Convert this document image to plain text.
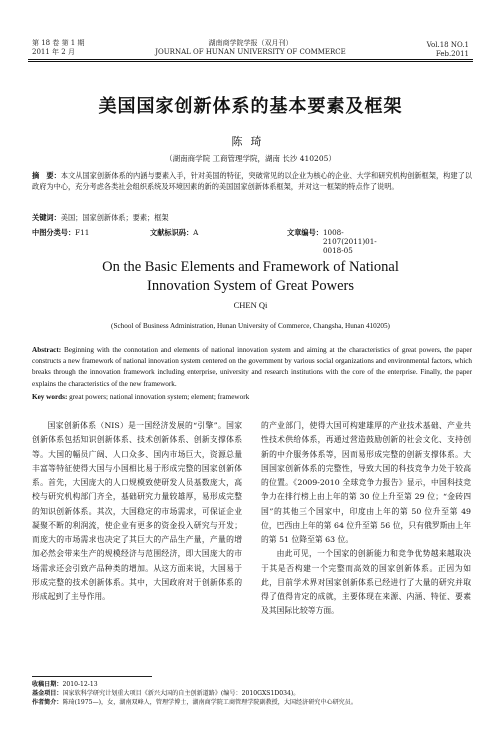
第 18 卷 第 1 期
2011 年 2 月
湖南商学院学报（双月刊）
JOURNAL OF HUNAN UNIVERSITY OF COMMERCE
Vol.18 NO.1
Feb.2011
美国国家创新体系的基本要素及框架
陈琦
（湖南商学院 工商管理学院，湖南 长沙 410205）
摘　要：本文从国家创新体系的内涵与要素入手，针对美国的特征，突破常见的以企业为核心的企业、大学和研究机构创新框架，构建了以政府为中心，充分考虑各类社会组织系统及环境因素的新的美国国家创新体系框架，并对这一框架的特点作了说明。
关键词：美国；国家创新体系；要素；框架
中图分类号： F11	文献标识码： A	文章编号： 1008-2107(2011)01-0018-05
On the Basic Elements and Framework of National
Innovation System of Great Powers
CHEN Qi
(School of Business Administration, Hunan University of Commerce, Changsha, Hunan 410205)
Abstract: Beginning with the connotation and elements of national innovation system and aiming at the characteristics of great powers, the paper constructs a new framework of national innovation system centered on the government by various social organizations and environmental factors, which breaks through the innovation framework including enterprise, university and research institutions with the core of the enterprise. Finally, the paper explains the characteristics of the new framework.
Key words: great powers; national innovation system; element; framework

国家创新体系（NIS）是一国经济发展的“引擎”。国家创新体系包括知识创新体系、技术创新体系、创新支撑体系等。大国的幅员广阔、人口众多、国内市场巨大，资源总量丰富等特征使得大国与小国相比易于形成完整的国家创新体系。首先，大国庞大的人口规模致使研发人员基数庞大，高校与研究机构部门齐全，基础研究力量较雄厚，易形成完整的知识创新体系。其次，大国稳定的市场需求，可保证企业凝聚不断的利润流，使企业有更多的资金投入研究与开发；而庞大的市场需求也决定了其巨大的产品生产量，产量的增加必然会带来生产的规模经济与范围经济，即大国庞大的市场需求还会引致产品种类的增加。从这方面来说，大国易于形成完整的技术创新体系。其中，大国政府对于创新体系的形成起到了主导作用。

的产业部门，使得大国可构建雄厚的产业技术基础、产业共性技术供给体系，再通过营造鼓励创新的社会文化、支持创新的中介服务体系等，因而易形成完整的创新支撑体系。大国国家创新体系的完整性，导致大国的科技竞争力处于较高的位置。《2009-2010 全球竞争力报告》显示，中国科技竞争力在排行榜上由上年的第 30 位上升至第 29 位；“金砖四国”的其他三个国家中，印度由上年的第 50 位升至第 49 位，巴西由上年的第 64 位升至第 56 位，只有俄罗斯由上年的第 51 位降至第 63 位。

由此可见，一个国家的创新能力和竞争优势越来越取决于其是否构建一个完整而高效的国家创新体系。正因为如此，目前学术界对国家创新体系已经进行了大量的研究并取得了值得肯定的成就，主要体现在来源、内涵、特征、要素及其国际比较等方面。

收稿日期：2010-12-13
基金项目：国家软科学研究计划重大项目《新兴大国的自主创新道路》(编号：2010GXS1D034)。
作者简介：陈琦(1975—)，女，湖南双峰人，管理学博士，湖南商学院工商管理学院副教授，大国经济研究中心研究员。
